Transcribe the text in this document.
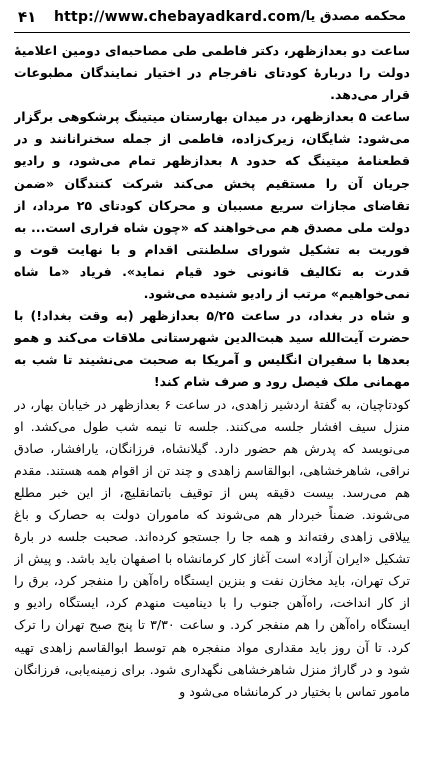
۴۱ http://www.chebayadkard.com/
محکمه مصدق یا ...

ساعت دو بعدازظهر، دکتر فاطمی طی مصاحبه‌ای دومین اعلامیهٔ دولت را دربارهٔ کودتای نافرجام در اختیار نمایندگان مطبوعات قرار می‌دهد.

ساعت ۵ بعدازظهر، در میدان بهارستان میتینگ پرشکوهی برگزار می‌شود: شایگان، زیرک‌زاده، فاطمی از جمله سخنرانانند و در قطعنامهٔ میتینگ که حدود ۸ بعدازظهر تمام می‌شود، و رادیو جریان آن را مستقیم پخش می‌کند شرکت کنندگان «ضمن تقاضای مجازات سریع مسببان و محرکان کودتای ۲۵ مرداد، از دولت ملی مصدق هم می‌خواهند که «چون شاه فراری است... به فوریت به تشکیل شورای سلطنتی اقدام و با نهایت قوت و قدرت به تکالیف قانونی خود قیام نماید». فریاد «ما شاه نمی‌خواهیم» مرتب از رادیو شنیده می‌شود.

و شاه در بغداد، در ساعت ۵/۲۵ بعدازظهر (به وقت بغداد!) با حضرت آیت‌الله سید هبت‌الدین شهرستانی ملاقات می‌کند و همو بعدها با سفیران انگلیس و آمریکا به صحبت می‌نشیند تا شب به مهمانی ملک فیصل رود و صرف شام کند!

کودتاچیان، به گفتهٔ اردشیر زاهدی، در ساعت ۶ بعدازظهر در خیابان بهار، در منزل سیف افشار جلسه می‌کنند. جلسه تا نیمه شب طول می‌کشد. او می‌نویسد که پدرش هم حضور دارد. گیلانشاه، فرزانگان، یارافشار، صادق نراقی، شاهرخشاهی، ابوالقاسم زاهدی و چند تن از اقوام همه هستند. مقدم هم می‌رسد. بیست دقیقه پس از توقیف باتمانقلیچ، از این خبر مطلع می‌شوند. ضمناً خبردار هم می‌شوند که ماموران دولت به حصارک و باغ ییلاقی زاهدی رفته‌اند و همه جا را جستجو کرده‌اند. صحبت جلسه در بارهٔ تشکیل «ایران آزاد» است آغاز کار کرمانشاه با اصفهان باید باشد. و پیش از ترک تهران، باید مخازن نفت و بنزین ایستگاه راه‌آهن را منفجر کرد، برق را از کار انداخت، راه‌آهن جنوب را با دینامیت منهدم کرد، ایستگاه رادیو و ایستگاه راه‌آهن را هم منفجر کرد. و ساعت ۳/۳۰ تا پنج صبح تهران را ترک کرد. تا آن روز باید مقداری مواد منفجره هم توسط ابوالقاسم زاهدی تهیه شود و در گاراژ منزل شاهرخشاهی نگهداری شود. برای زمینه‌یابی، فرزانگان مامور تماس با بختیار در کرمانشاه می‌شود و
